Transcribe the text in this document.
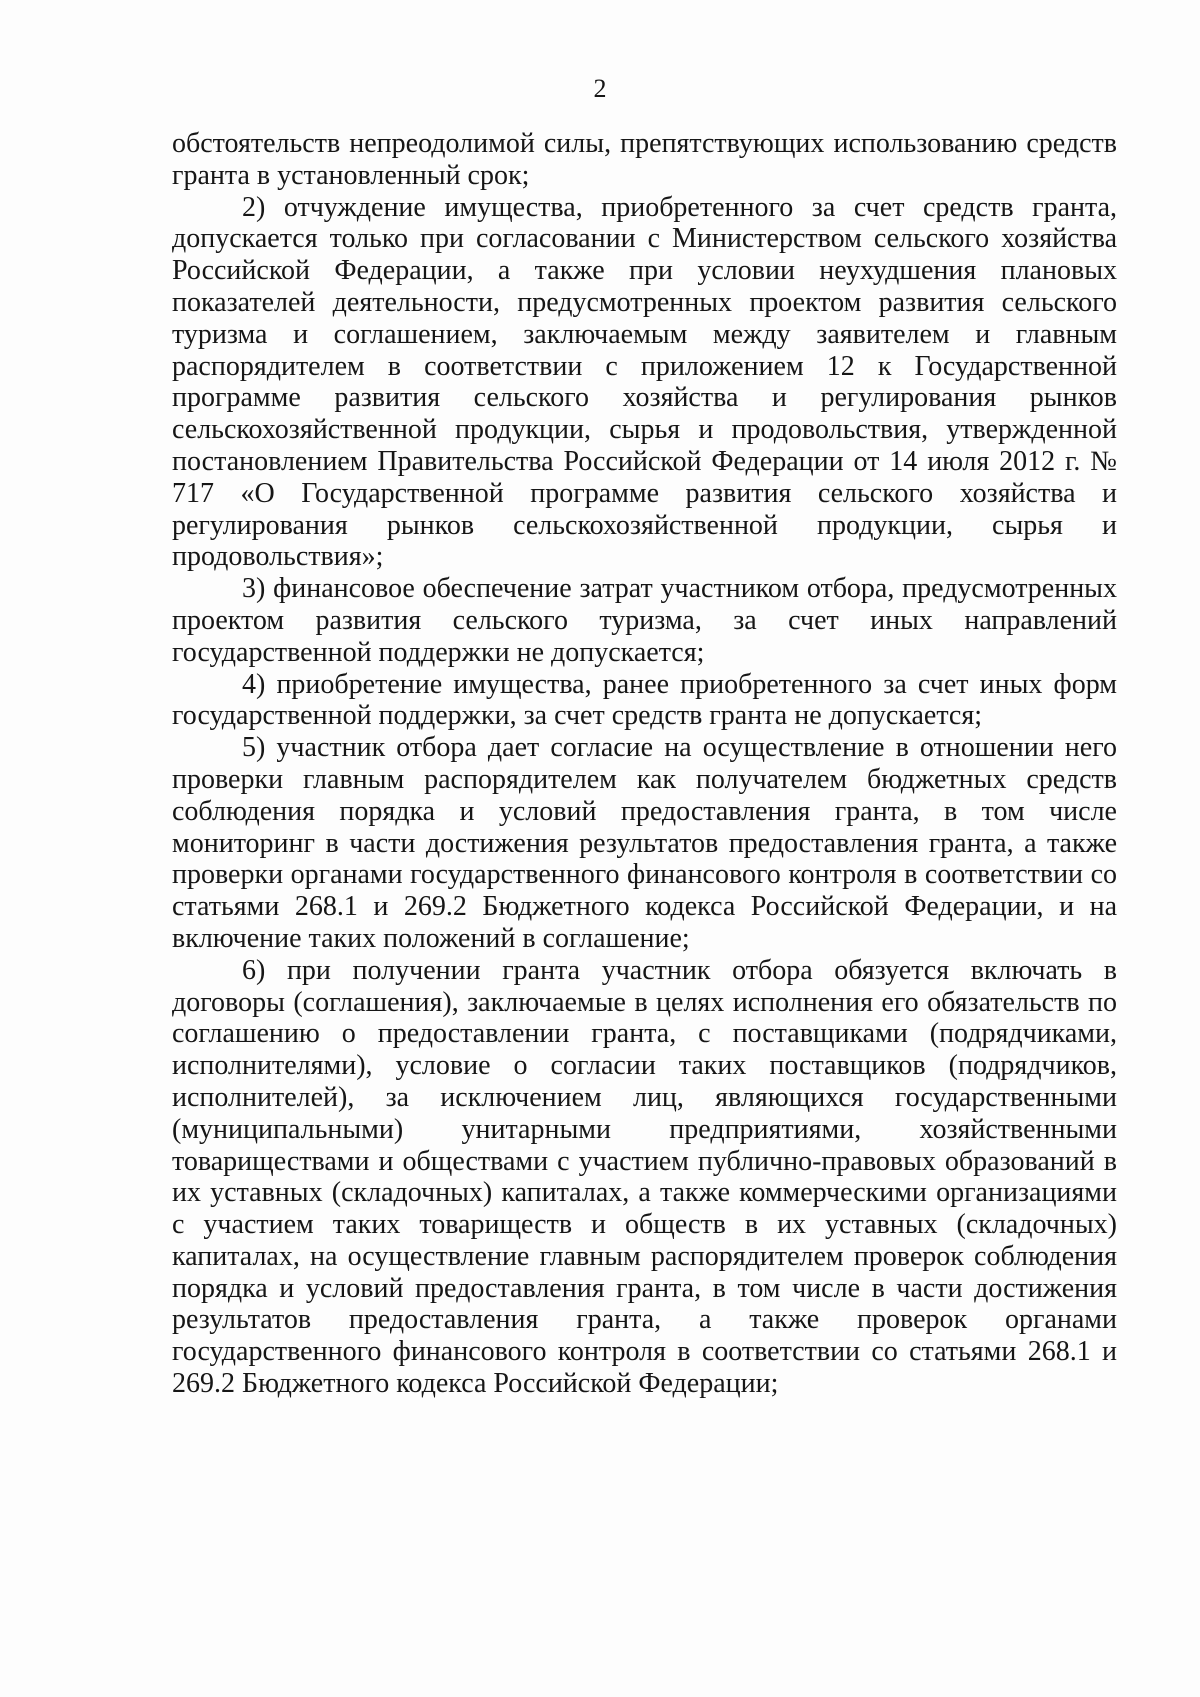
2

обстоятельств непреодолимой силы, препятствующих использованию средств гранта в установленный срок;

2) отчуждение имущества, приобретенного за счет средств гранта, допускается только при согласовании с Министерством сельского хозяйства Российской Федерации, а также при условии неухудшения плановых показателей деятельности, предусмотренных проектом развития сельского туризма и соглашением, заключаемым между заявителем и главным распорядителем в соответствии с приложением 12 к Государственной программе развития сельского хозяйства и регулирования рынков сельскохозяйственной продукции, сырья и продовольствия, утвержденной постановлением Правительства Российской Федерации от 14 июля 2012 г. № 717 «О Государственной программе развития сельского хозяйства и регулирования рынков сельскохозяйственной продукции, сырья и продовольствия»;

3) финансовое обеспечение затрат участником отбора, предусмотренных проектом развития сельского туризма, за счет иных направлений государственной поддержки не допускается;

4) приобретение имущества, ранее приобретенного за счет иных форм государственной поддержки, за счет средств гранта не допускается;

5) участник отбора дает согласие на осуществление в отношении него проверки главным распорядителем как получателем бюджетных средств соблюдения порядка и условий предоставления гранта, в том числе мониторинг в части достижения результатов предоставления гранта, а также проверки органами государственного финансового контроля в соответствии со статьями 268.1 и 269.2 Бюджетного кодекса Российской Федерации, и на включение таких положений в соглашение;

6) при получении гранта участник отбора обязуется включать в договоры (соглашения), заключаемые в целях исполнения его обязательств по соглашению о предоставлении гранта, с поставщиками (подрядчиками, исполнителями), условие о согласии таких поставщиков (подрядчиков, исполнителей), за исключением лиц, являющихся государственными (муниципальными) унитарными предприятиями, хозяйственными товариществами и обществами с участием публично-правовых образований в их уставных (складочных) капиталах, а также коммерческими организациями с участием таких товариществ и обществ в их уставных (складочных) капиталах, на осуществление главным распорядителем проверок соблюдения порядка и условий предоставления гранта, в том числе в части достижения результатов предоставления гранта, а также проверок органами государственного финансового контроля в соответствии со статьями 268.1 и 269.2 Бюджетного кодекса Российской Федерации;
